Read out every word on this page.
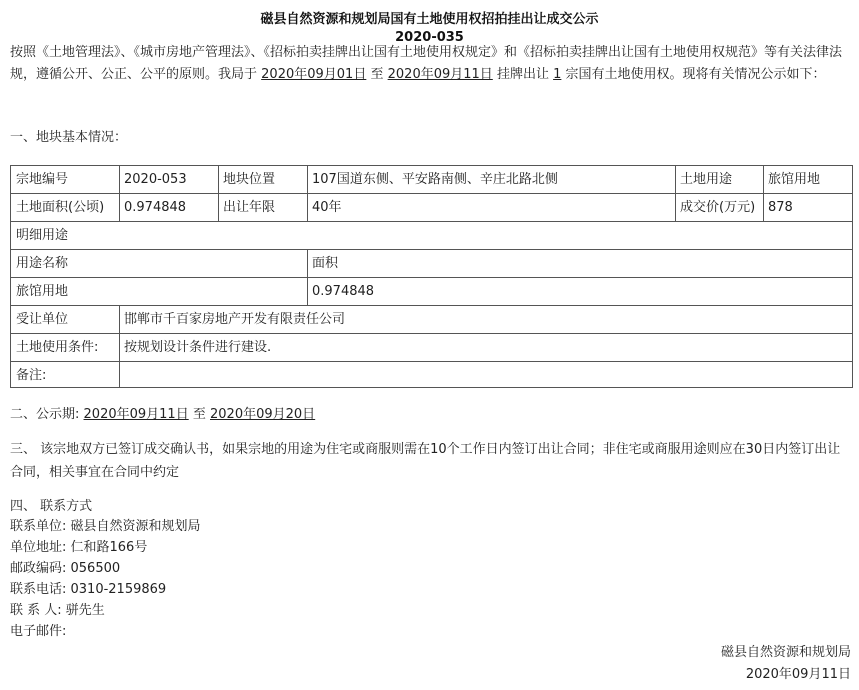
磁县自然资源和规划局国有土地使用权招拍挂出让成交公示
2020-035
按照《土地管理法》、《城市房地产管理法》、《招标拍卖挂牌出让国有土地使用权规定》和《招标拍卖挂牌出让国有土地使用权规范》等有关法律法规，遵循公开、公正、公平的原则。我局于 2020年09月01日 至 2020年09月11日 挂牌出让 1 宗国有土地使用权。现将有关情况公示如下：
一、地块基本情况：
宗地编号	2020-053	地块位置	107国道东侧、平安路南侧、辛庄北路北侧	土地用途	旅馆用地
土地面积(公顷) 0.974848	出让年限	40年	成交价(万元) 878
明细用途
用途名称	面积
旅馆用地	0.974848
受让单位	邯郸市千百家房地产开发有限责任公司
土地使用条件: 按规划设计条件进行建设.
备注:
二、公示期: 2020年09月11日 至 2020年09月20日
三、 该宗地双方已签订成交确认书，如果宗地的用途为住宅或商服则需在10个工作日内签订出让合同；非住宅或商服用途则应在30日内签订出让合同，相关事宜在合同中约定
四、 联系方式
联系单位: 磁县自然资源和规划局
单位地址: 仁和路166号
邮政编码: 056500
联系电话: 0310-2159869
联 系 人: 骈先生
电子邮件:
磁县自然资源和规划局
2020年09月11日
